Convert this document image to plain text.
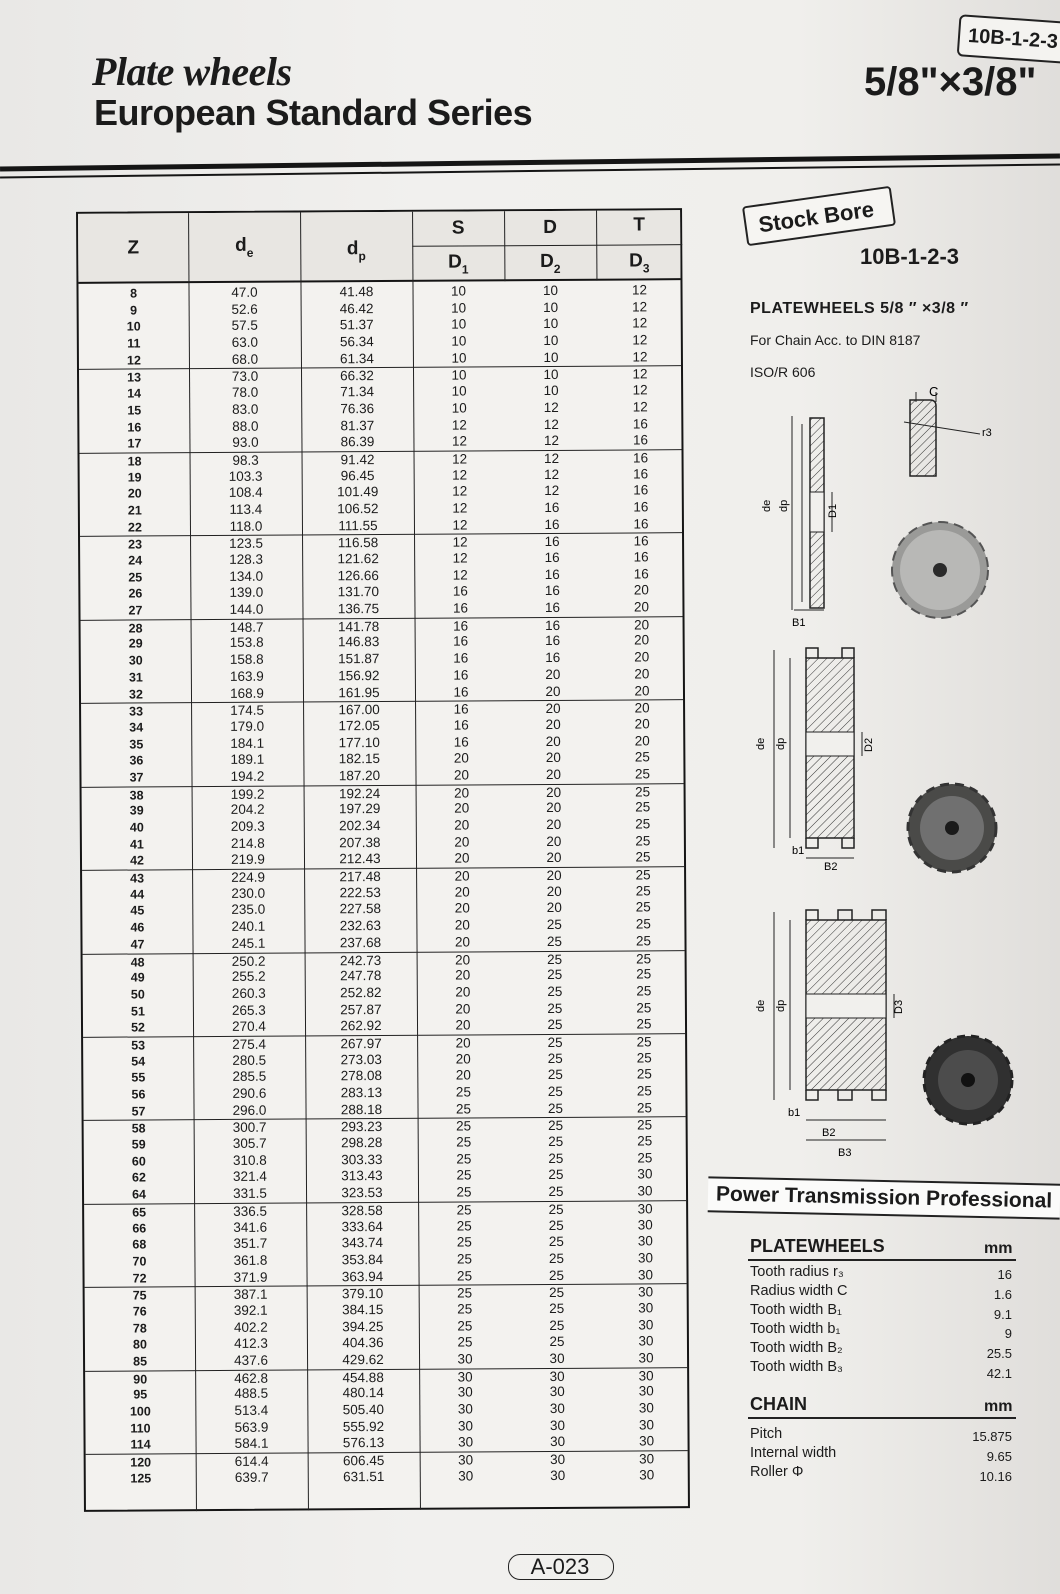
Plate wheels
European Standard Series
10B-1-2-3
5/8"×3/8"
Z	$d_e$	$d_p$
S	D	T
$D_1$	$D_2$	$D_3$
8	47.0	41.48	10	10	12
9	52.6	46.42	10	10	12
10	57.5	51.37	10	10	12
11	63.0	56.34	10	10	12
12	68.0	61.34	10	10	12
13	73.0	66.32	10	10	12
14	78.0	71.34	10	10	12
15	83.0	76.36	10	12	12
16	88.0	81.37	12	12	16
17	93.0	86.39	12	12	16
18	98.3	91.42	12	12	16
19	103.3	96.45	12	12	16
20	108.4	101.49	12	12	16
21	113.4	106.52	12	16	16
22	118.0	111.55	12	16	16
23	123.5	116.58	12	16	16
24	128.3	121.62	12	16	16
25	134.0	126.66	12	16	16
26	139.0	131.70	16	16	20
27	144.0	136.75	16	16	20
28	148.7	141.78	16	16	20
29	153.8	146.83	16	16	20
30	158.8	151.87	16	16	20
31	163.9	156.92	16	20	20
32	168.9	161.95	16	20	20
33	174.5	167.00	16	20	20
34	179.0	172.05	16	20	20
35	184.1	177.10	16	20	20
36	189.1	182.15	20	20	25
37	194.2	187.20	20	20	25
38	199.2	192.24	20	20	25
39	204.2	197.29	20	20	25
40	209.3	202.34	20	20	25
41	214.8	207.38	20	20	25
42	219.9	212.43	20	20	25
43	224.9	217.48	20	20	25
44	230.0	222.53	20	20	25
45	235.0	227.58	20	20	25
46	240.1	232.63	20	25	25
47	245.1	237.68	20	25	25
48	250.2	242.73	20	25	25
49	255.2	247.78	20	25	25
50	260.3	252.82	20	25	25
51	265.3	257.87	20	25	25
52	270.4	262.92	20	25	25
53	275.4	267.97	20	25	25
54	280.5	273.03	20	25	25
55	285.5	278.08	20	25	25
56	290.6	283.13	25	25	25
57	296.0	288.18	25	25	25
58	300.7	293.23	25	25	25
59	305.7	298.28	25	25	25
60	310.8	303.33	25	25	25
62	321.4	313.43	25	25	30
64	331.5	323.53	25	25	30
65	336.5	328.58	25	25	30
66	341.6	333.64	25	25	30
68	351.7	343.74	25	25	30
70	361.8	353.84	25	25	30
72	371.9	363.94	25	25	30
75	387.1	379.10	25	25	30
76	392.1	384.15	25	25	30
78	402.2	394.25	25	25	30
80	412.3	404.36	25	25	30
85	437.6	429.62	30	30	30
90	462.8	454.88	30	30	30
95	488.5	480.14	30	30	30
100	513.4	505.40	30	30	30
110	563.9	555.92	30	30	30
114	584.1	576.13	30	30	30
120	614.4	606.45	30	30	30
125	639.7	631.51	30	30	30
Stock Bore
10B-1-2-3
PLATEWHEELS 5/8 ″ ×3/8 ″
For Chain Acc. to DIN 8187
ISO/R 606
C
r3
de dp	D1
B1
de dp	D2
b1
B2
de dp	D3
b1
B2
B3
Power Transmission Professional
PLATEWHEELS	mm
Tooth radius r₃	16
Radius width C	1.6
Tooth width B₁	9.1
Tooth width b₁	9
Tooth width B₂	25.5
Tooth width B₃	42.1
CHAIN	mm
Pitch	15.875
Internal width	9.65
Roller Φ	10.16
A-023
